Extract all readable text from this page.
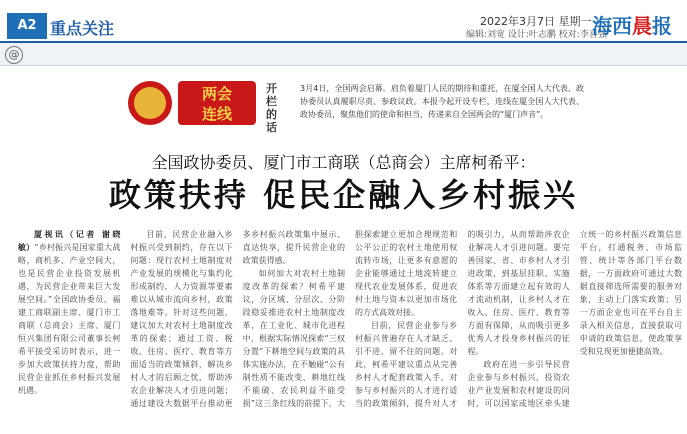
A2 重点关注	2022年3月7日 星期一
编辑:刘宽 设计:叶志鹏 校对:李喜强
海西晨报
@
两会
连线
开栏的话
3月4日，全国两会启幕。肩负着厦门人民的期待和重托，在厦全国人大代表、政协委员认真履职尽责、参政议政。本报今起开设专栏，连线在厦全国人大代表、政协委员，聚焦他们的使命和担当，传递来自全国两会的“厦门声音”。
全国政协委员、厦门市工商联（总商会）主席柯希平：
政策扶持 促民企融入乡村振兴

厦视讯（记者 谢晓敏）“乡村振兴是国家重大战略，商机多、产业空间大，也是民营企业投资发展机遇，为民营企业带来巨大发展空间。”全国政协委员、福建工商联副主席、厦门市工商联（总商会）主席、厦门恒兴集团有限公司董事长柯希平接受采访时表示，进一步加大政策扶持力度，帮助民营企业抓住乡村振兴发展机遇。

目前，民营企业融入乡村振兴受到制约，存在以下问题：现行农村土地制度对产业发展的规模化与集约化形成制约，人力资源等要素难以从城市流向乡村，政策落地难等。针对这些问题，建议加大对农村土地制度改革的探索；通过工资、税收、住房、医疗、教育等方面适当的政策倾斜，解决乡村人才的后顾之忧，帮助涉农企业解决人才引进问题；通过建设大数据平台推动更多乡村振兴政策集中展示、直达快享，提升民营企业的政策获得感。

如何加大对农村土地制度改革的探索？柯希平建议，分区域、分层次、分阶段稳妥推进农村土地制度改革，在工业化、城市化进程中，根据实际情况探索“三权分置”下耕地空间与政策的具体实施办法，在不触碰“公有制性质不能改变、耕地红线不能破、农民利益不能受损”这三条红线的前提下，大胆探索建立更加合理规范和公平公正的农村土地使用权流转市场，让更多有意愿的企业能够通过土地流转建立现代农业发展体系，促进农村土地与资本以更加市场化的方式高效对接。

目前，民营企业参与乡村振兴普遍存在人才缺乏、引不进、留不住的问题。对此，柯希平建议重点从完善乡村人才配套政策入手，对参与乡村振兴的人才进行适当的政策倾斜，提升对人才的吸引力，从而帮助涉农企业解决人才引进问题。要完善国家、省、市乡村人才引进政策，到基层挂职、实施体系等方面建立起有效的人才流动机制，让乡村人才在收入、住房、医疗、教育等方面有保障，从而吸引更多优秀人才投身乡村振兴的征程。

政府在进一步引导民营企业参与乡村振兴，投资农业产业发展和农村建设的同时，可以国家或地区牵头建立统一的乡村振兴政策信息平台，打通税务、市场监管、统计等各部门平台数据，一方面政府可通过大数据直接筛选所需要的服务对象，主动上门落实政策；另一方面企业也可在平台自主录入相关信息，直接获取可申请的政策信息，使政策享受和兑现更加便捷高效。
